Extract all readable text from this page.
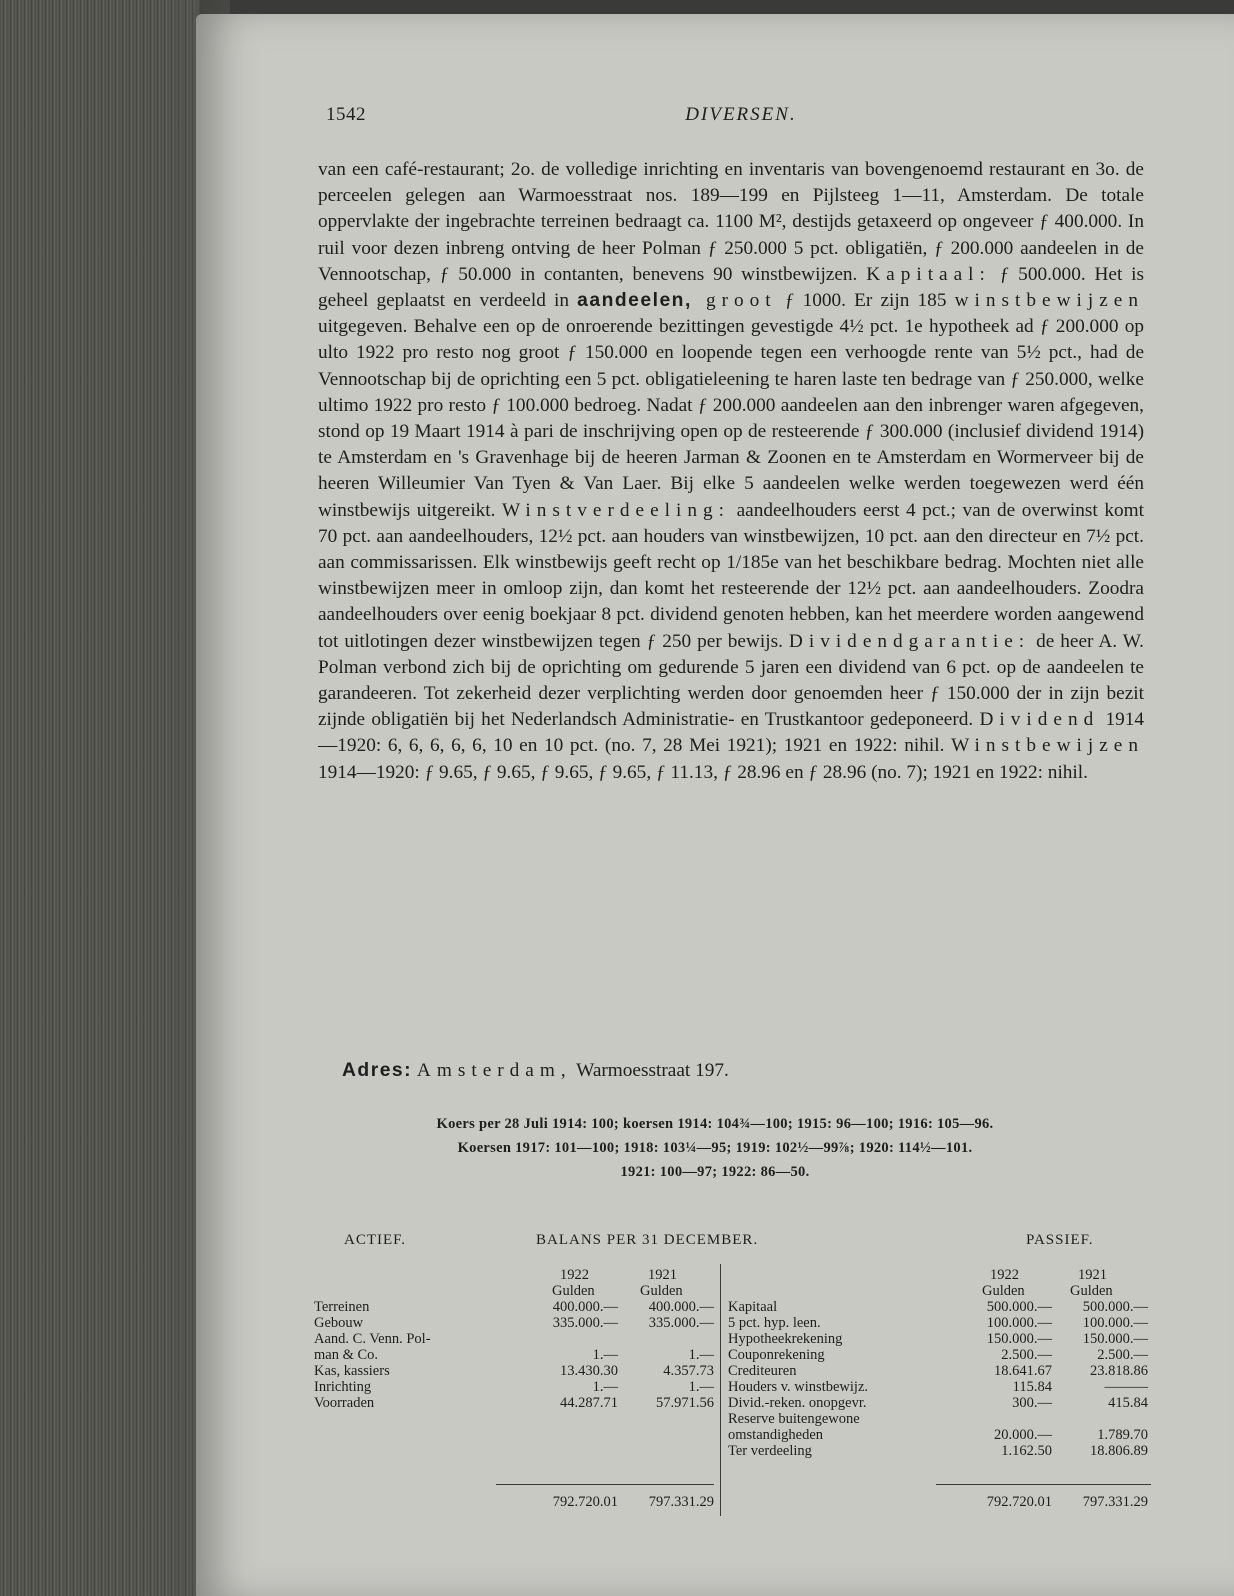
1542	DIVERSEN.
van een café-restaurant; 2o. de volledige inrichting en inventaris van bovengenoemd restaurant en 3o. de perceelen gelegen aan Warmoesstraat nos. 189—199 en Pijlsteeg 1—11, Amsterdam. De totale oppervlakte der ingebrachte terreinen bedraagt ca. 1100 M², destijds getaxeerd op ongeveer ƒ 400.000. In ruil voor dezen inbreng ontving de heer Polman ƒ 250.000 5 pct. obligatiën, ƒ 200.000 aandeelen in de Vennootschap, ƒ 50.000 in contanten, benevens 90 winstbewijzen. Kapitaal: ƒ 500.000. Het is geheel geplaatst en verdeeld in aandeelen, groot ƒ 1000. Er zijn 185 winstbewijzen uitgegeven. Behalve een op de onroerende bezittingen gevestigde 4½ pct. 1e hypotheek ad ƒ 200.000 op ulto 1922 pro resto nog groot ƒ 150.000 en loopende tegen een verhoogde rente van 5½ pct., had de Vennootschap bij de oprichting een 5 pct. obligatieleening te haren laste ten bedrage van ƒ 250.000, welke ultimo 1922 pro resto ƒ 100.000 bedroeg. Nadat ƒ 200.000 aandeelen aan den inbrenger waren afgegeven, stond op 19 Maart 1914 à pari de inschrijving open op de resteerende ƒ 300.000 (inclusief dividend 1914) te Amsterdam en 's Gravenhage bij de heeren Jarman & Zoonen en te Amsterdam en Wormerveer bij de heeren Willeumier Van Tyen & Van Laer. Bij elke 5 aandeelen welke werden toegewezen werd één winstbewijs uitgereikt. Winstverdeeling: aandeelhouders eerst 4 pct.; van de overwinst komt 70 pct. aan aandeelhouders, 12½ pct. aan houders van winstbewijzen, 10 pct. aan den directeur en 7½ pct. aan commissarissen. Elk winstbewijs geeft recht op 1/185e van het beschikbare bedrag. Mochten niet alle winstbewijzen meer in omloop zijn, dan komt het resteerende der 12½ pct. aan aandeelhouders. Zoodra aandeelhouders over eenig boekjaar 8 pct. dividend genoten hebben, kan het meerdere worden aangewend tot uitlotingen dezer winstbewijzen tegen ƒ 250 per bewijs. Dividendgarantie: de heer A. W. Polman verbond zich bij de oprichting om gedurende 5 jaren een dividend van 6 pct. op de aandeelen te garandeeren. Tot zekerheid dezer verplichting werden door genoemden heer ƒ 150.000 der in zijn bezit zijnde obligatiën bij het Nederlandsch Administratie- en Trustkantoor gedeponeerd. Dividend 1914—1920: 6, 6, 6, 6, 6, 10 en 10 pct. (no. 7, 28 Mei 1921); 1921 en 1922: nihil. Winstbewijzen 1914—1920: ƒ 9.65, ƒ 9.65, ƒ 9.65, ƒ 9.65, ƒ 11.13, ƒ 28.96 en ƒ 28.96 (no. 7); 1921 en 1922: nihil.
Adres: Amsterdam, Warmoesstraat 197.
Koers per 28 Juli 1914: 100; koersen 1914: 104¾—100; 1915: 96—100; 1916: 105—96.
Koersen 1917: 101—100; 1918: 103¼—95; 1919: 102½—99⅞; 1920: 114½—101.
1921: 100—97; 1922: 86—50.
ACTIEF.	BALANS PER 31 DECEMBER.	PASSIEF.
1922	1921
Gulden	Gulden
Terreinen	400.000.— 400.000.—
Gebouw	335.000.— 335.000.—
Aand. C. Venn. Pol-
man & Co.	1.—	1.—
Kas, kassiers	13.430.30	4.357.73
Inrichting	1.—	1.—
Voorraden	44.287.71	57.971.56
1922	1921
Gulden	Gulden
Kapitaal	500.000.— 500.000.—
5 pct. hyp. leen.	100.000.— 100.000.—
Hypotheekrekening	150.000.— 150.000.—
Couponrekening	2.500.—	2.500.—
Crediteuren	18.641.67	23.818.86
Houders v. winstbewijz.	115.84	———
Divid.-reken. onopgevr.	300.—	415.84
Reserve buitengewone
omstandigheden	20.000.—	1.789.70
Ter verdeeling	1.162.50	18.806.89
792.720.01 797.331.29	792.720.01 797.331.29
